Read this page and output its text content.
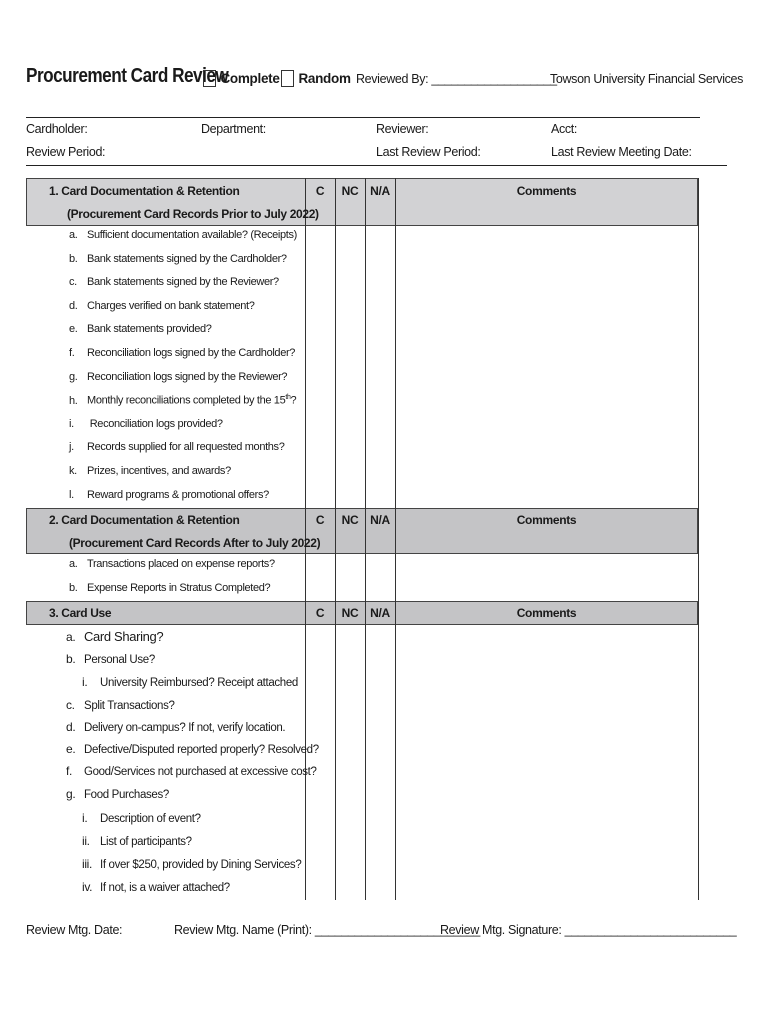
Procurement Card Review
Complete	Random Reviewed By: ___________________
Towson University Financial Services
Cardholder:	Department:	Reviewer:	Acct:
Review Period:	Last Review Period:	Last Review Meeting Date:
1. Card Documentation & Retention
(Procurement Card Records Prior to July 2022)
C	NC N/A	Comments
a. Sufficient documentation available? (Receipts)
b. Bank statements signed by the Cardholder?
c. Bank statements signed by the Reviewer?
d. Charges verified on bank statement?
e. Bank statements provided?
f. Reconciliation logs signed by the Cardholder?
g. Reconciliation logs signed by the Reviewer?
h. Monthly reconciliations completed by the 15th?
i. Reconciliation logs provided?
j. Records supplied for all requested months?
k. Prizes, incentives, and awards?
l. Reward programs & promotional offers?
2. Card Documentation & Retention
(Procurement Card Records After to July 2022)
C	NC N/A	Comments
a. Transactions placed on expense reports?
b. Expense Reports in Stratus Completed?
3. Card Use	C	NC N/A	Comments
a. Card Sharing?
b. Personal Use?
i. University Reimbursed? Receipt attached
c. Split Transactions?
d. Delivery on-campus? If not, verify location.
e. Defective/Disputed reported properly? Resolved?
f. Good/Services not purchased at excessive cost?
g. Food Purchases?
i. Description of event?
ii. List of participants?
iii. If over $250, provided by Dining Services?
iv. If not, is a waiver attached?
Review Mtg. Date:	Review Mtg. Name (Print): _________________________
Review Mtg. Signature: __________________________
